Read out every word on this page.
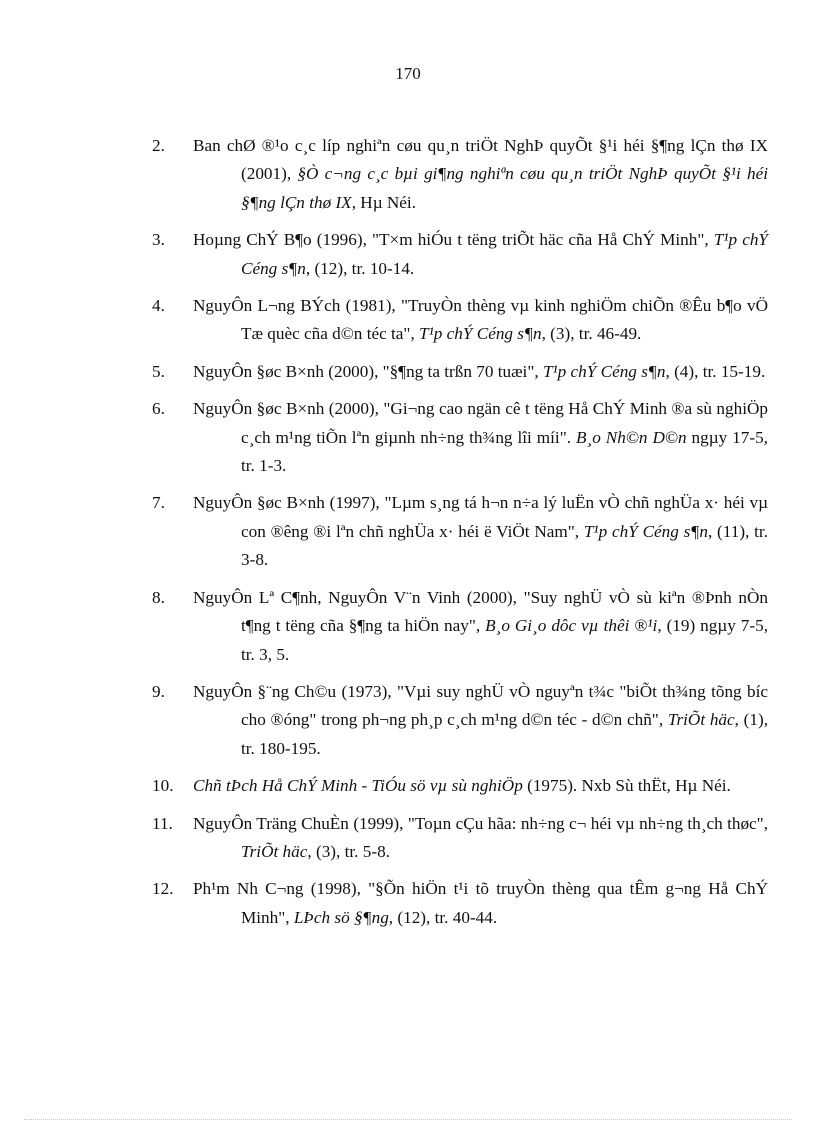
170
2.	Ban chØ ®¹o c¸c líp nghiªn cøu qu¸n triÖt NghÞ quyÕt §¹i héi §¶ng lÇn thø IX (2001), §Ò c¬ng c¸c bµi gi¶ng nghiªn cøu qu¸n triÖt NghÞ quyÕt §¹i héi §¶ng lÇn thø IX, Hµ Néi.
3.	Hoµng ChÝ B¶o (1996), "T×m hiÓu t tëng triÕt häc cña Hå ChÝ Minh", T¹p chÝ Céng s¶n, (12), tr. 10-14.
4.	NguyÔn L¬ng BÝch (1981), "TruyÒn thèng vµ kinh nghiÖm chiÕn ®Êu b¶o vÖ Tæ quèc cña d©n téc ta", T¹p chÝ Céng s¶n, (3), tr. 46-49.
5.	NguyÔn §øc B×nh (2000), "§¶ng ta trßn 70 tuæi", T¹p chÝ Céng s¶n, (4), tr. 15-19.
6.	NguyÔn §øc B×nh (2000), "Gi¬ng cao ngän cê t tëng Hå ChÝ Minh ®a sù nghiÖp c¸ch m¹ng tiÕn lªn giµnh nh÷ng th¾ng lîi míi". B¸o Nh©n D©n ngµy 17-5, tr. 1-3.
7.	NguyÔn §øc B×nh (1997), "Lµm s¸ng tá h¬n n÷a lý luËn vÒ chñ nghÜa x· héi vµ con ®êng ®i lªn chñ nghÜa x· héi ë ViÖt Nam", T¹p chÝ Céng s¶n, (11), tr. 3-8.
8.	NguyÔn Lª C¶nh, NguyÔn V¨n Vinh (2000), "Suy nghÜ vÒ sù kiªn ®Þnh nÒn t¶ng t tëng cña §¶ng ta hiÖn nay", B¸o Gi¸o dôc vµ thêi ®¹i, (19) ngµy 7-5, tr. 3, 5.
9.	NguyÔn §¨ng Ch©u (1973), "Vµi suy nghÜ vÒ nguyªn t¾c "biÕt th¾ng tõng bíc cho ®óng" trong ph¬ng ph¸p c¸ch m¹ng d©n téc - d©n chñ", TriÕt häc, (1), tr. 180-195.
10.	Chñ tÞch Hå ChÝ Minh - TiÓu sö vµ sù nghiÖp (1975). Nxb Sù thËt, Hµ Néi.
11.	NguyÔn Träng ChuÈn (1999), "Toµn cÇu hãa: nh÷ng c¬ héi vµ nh÷ng th¸ch thøc", TriÕt häc, (3), tr. 5-8.
12.	Ph¹m Nh C¬ng (1998), "§Õn hiÖn t¹i tõ truyÒn thèng qua tÊm g¬ng Hå ChÝ Minh", LÞch sö §¶ng, (12), tr. 40-44.
